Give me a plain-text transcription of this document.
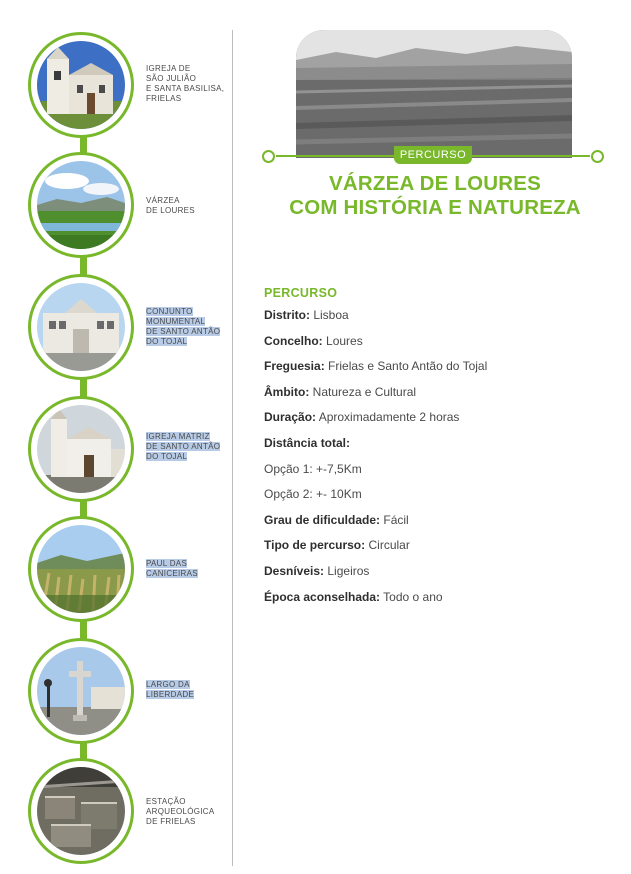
IGREJA DE
SÃO JULIÃO
E SANTA BASILISA,
FRIELAS
VÁRZEA
DE LOURES
CONJUNTO
MONUMENTAL
DE SANTO ANTÃO
DO TOJAL
IGREJA MATRIZ
DE SANTO ANTÃO
DO TOJAL
PAUL DAS
CANICEIRAS
LARGO DA
LIBERDADE
ESTAÇÃO
ARQUEOLÓGICA
DE FRIELAS
PERCURSO
VÁRZEA DE LOURES
COM HISTÓRIA E NATUREZA
PERCURSO
Distrito: Lisboa
Concelho: Loures
Freguesia: Frielas e Santo Antão do Tojal
Âmbito: Natureza e Cultural
Duração: Aproximadamente 2 horas
Distância total:
Opção 1: +-7,5Km
Opção 2: +- 10Km
Grau de dificuldade: Fácil
Tipo de percurso: Circular
Desníveis: Ligeiros
Época aconselhada: Todo o ano
